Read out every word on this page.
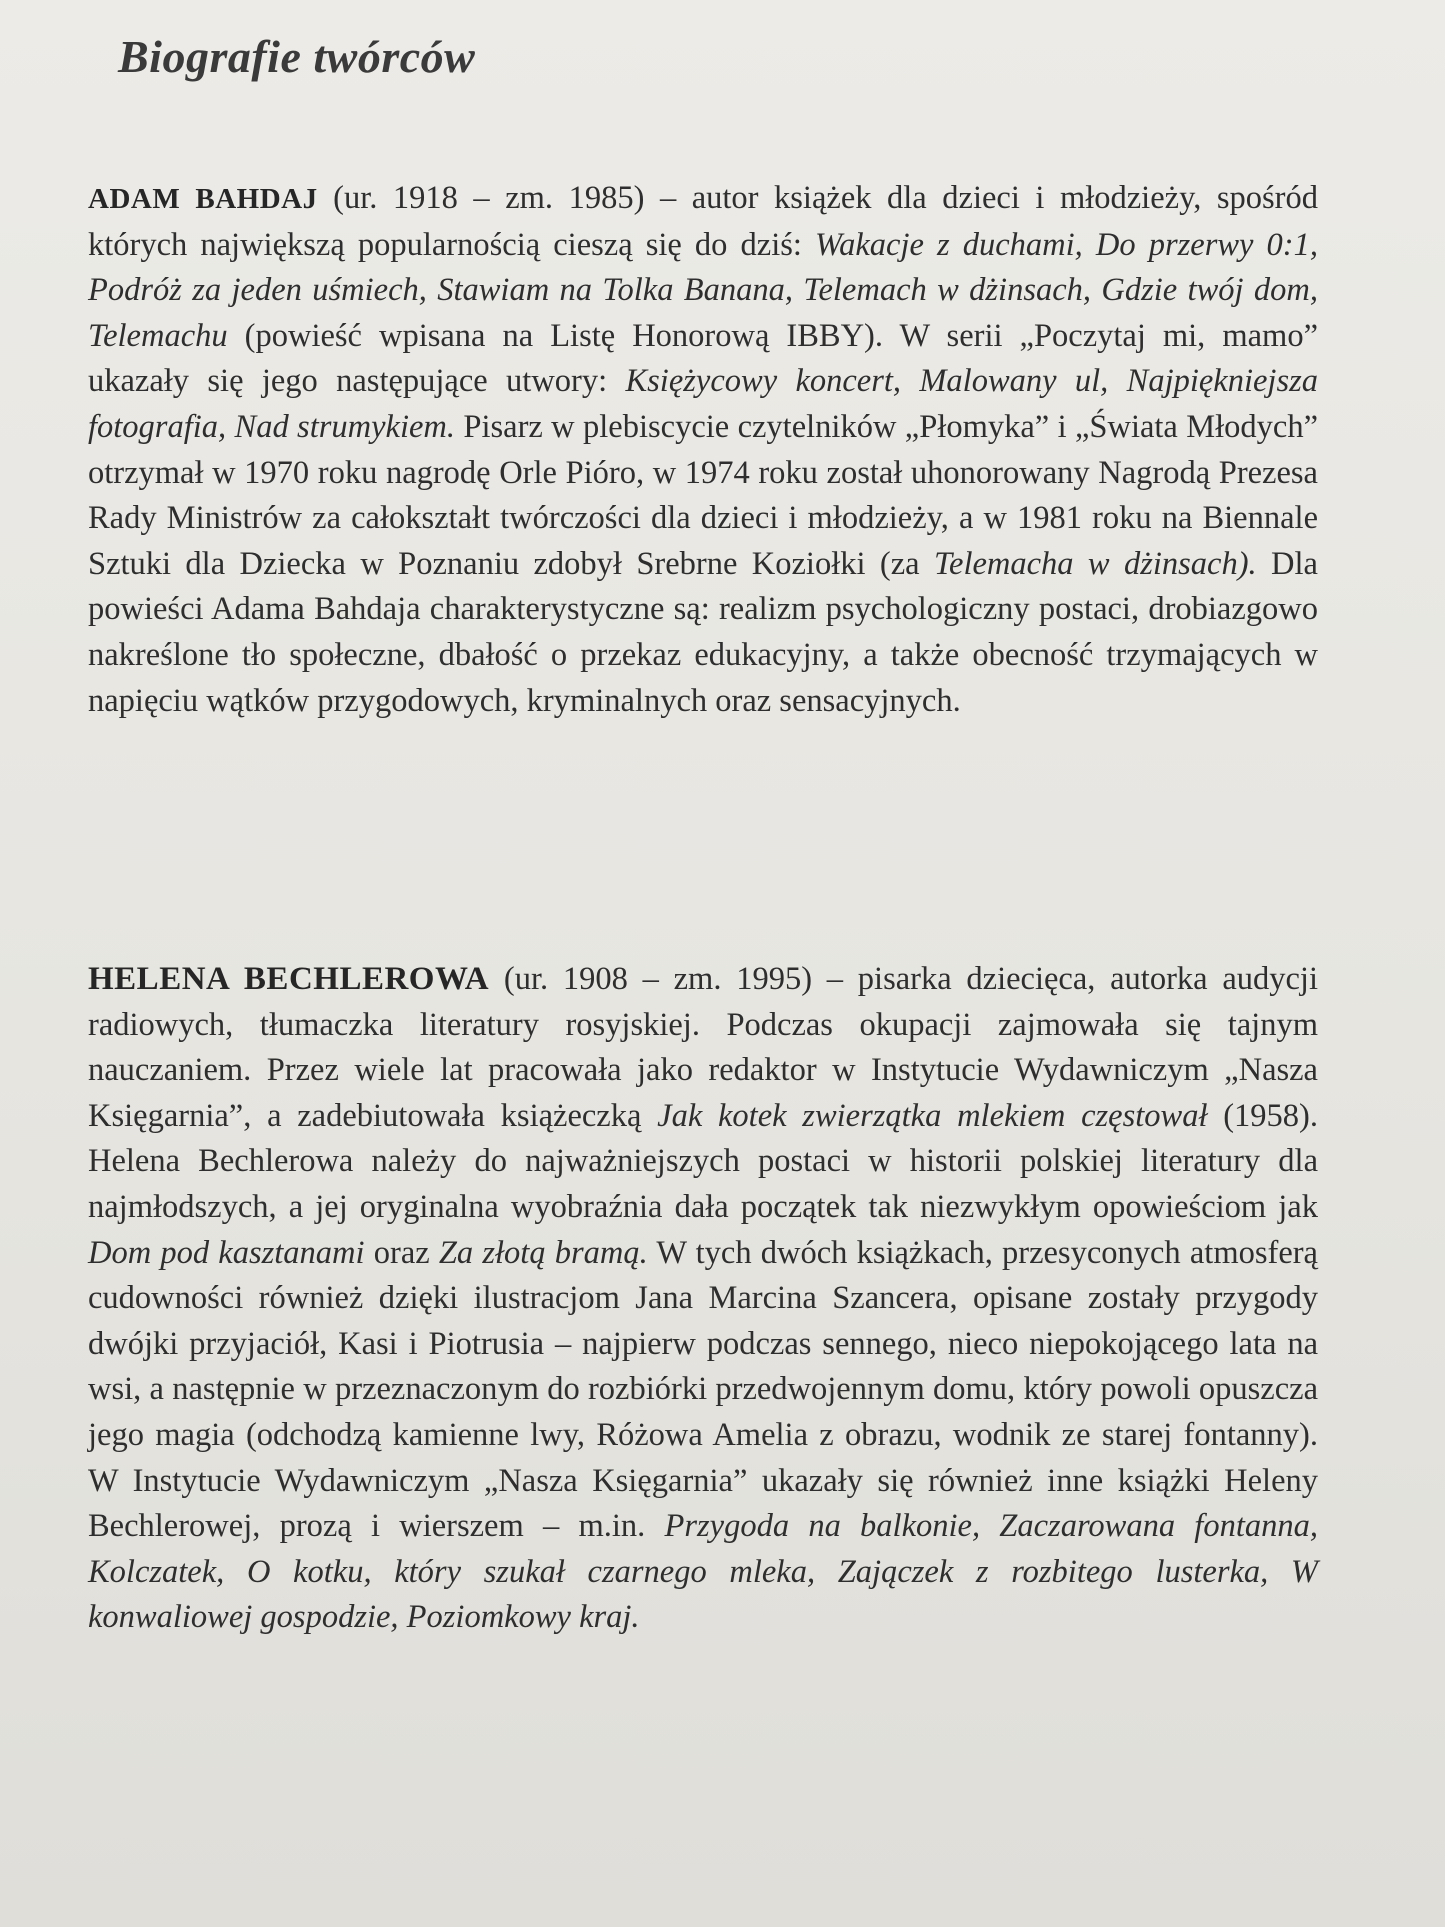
Biografie twórców

ADAM BAHDAJ (ur. 1918 – zm. 1985) – autor książek dla dzieci i młodzieży, spośród których największą popularnością cieszą się do dziś: Wakacje z duchami, Do przerwy 0:1, Podróż za jeden uśmiech, Stawiam na Tolka Banana, Telemach w dżinsach, Gdzie twój dom, Telemachu (powieść wpisana na Listę Honorową IBBY). W serii „Poczytaj mi, mamo” ukazały się jego następujące utwory: Księżycowy koncert, Malowany ul, Najpiękniejsza fotografia, Nad strumykiem. Pisarz w plebiscycie czytelników „Płomyka” i „Świata Młodych” otrzymał w 1970 roku nagrodę Orle Pióro, w 1974 roku został uhonorowany Nagrodą Prezesa Rady Ministrów za całokształt twórczości dla dzieci i młodzieży, a w 1981 roku na Biennale Sztuki dla Dziecka w Poznaniu zdobył Srebrne Koziołki (za Telemacha w dżinsach). Dla powieści Adama Bahdaja charakterystyczne są: realizm psychologiczny postaci, drobiazgowo nakreślone tło społeczne, dbałość o przekaz edukacyjny, a także obecność trzymających w napięciu wątków przygodowych, kryminalnych oraz sensacyjnych.

HELENA BECHLEROWA (ur. 1908 – zm. 1995) – pisarka dziecięca, autorka audycji radiowych, tłumaczka literatury rosyjskiej. Podczas okupacji zajmowała się tajnym nauczaniem. Przez wiele lat pracowała jako redaktor w Instytucie Wydawniczym „Nasza Księgarnia”, a zadebiutowała książeczką Jak kotek zwierzątka mlekiem częstował (1958). Helena Bechlerowa należy do najważniejszych postaci w historii polskiej literatury dla najmłodszych, a jej oryginalna wyobraźnia dała początek tak niezwykłym opowieściom jak Dom pod kasztanami oraz Za złotą bramą. W tych dwóch książkach, przesyconych atmosferą cudowności również dzięki ilustracjom Jana Marcina Szancera, opisane zostały przygody dwójki przyjaciół, Kasi i Piotrusia – najpierw podczas sennego, nieco niepokojącego lata na wsi, a następnie w przeznaczonym do rozbiórki przedwojennym domu, który powoli opuszcza jego magia (odchodzą kamienne lwy, Różowa Amelia z obrazu, wodnik ze starej fontanny). W Instytucie Wydawniczym „Nasza Księgarnia” ukazały się również inne książki Heleny Bechlerowej, prozą i wierszem – m.in. Przygoda na balkonie, Zaczarowana fontanna, Kolczatek, O kotku, który szukał czarnego mleka, Zajączek z rozbitego lusterka, W konwaliowej gospodzie, Poziomkowy kraj.
